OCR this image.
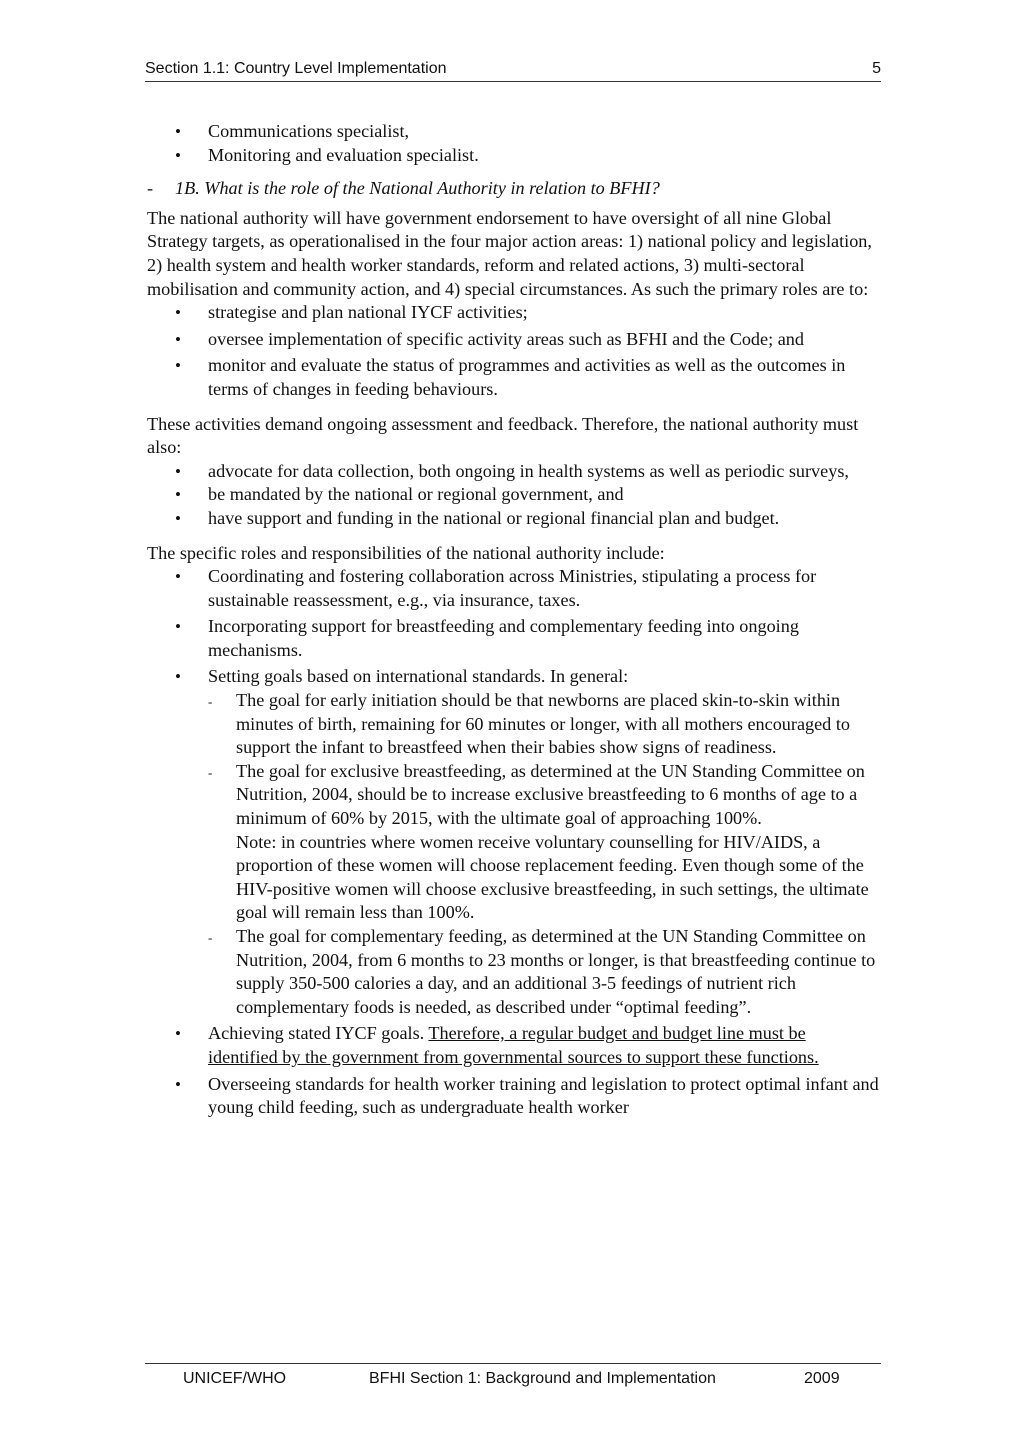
Section 1.1: Country Level Implementation	5
• Communications specialist,
• Monitoring and evaluation specialist.
- 1B. What is the role of the National Authority in relation to BFHI?

The national authority will have government endorsement to have oversight of all nine Global Strategy targets, as operationalised in the four major action areas: 1) national policy and legislation, 2) health system and health worker standards, reform and related actions, 3) multi-sectoral mobilisation and community action, and 4) special circumstances. As such the primary roles are to:

• strategise and plan national IYCF activities;
• oversee implementation of specific activity areas such as BFHI and the Code; and
• monitor and evaluate the status of programmes and activities as well as the outcomes in terms of changes in feeding behaviours.

These activities demand ongoing assessment and feedback. Therefore, the national authority must also:

• advocate for data collection, both ongoing in health systems as well as periodic surveys,
• be mandated by the national or regional government, and
• have support and funding in the national or regional financial plan and budget.

The specific roles and responsibilities of the national authority include:

• Coordinating and fostering collaboration across Ministries, stipulating a process for sustainable reassessment, e.g., via insurance, taxes.
• Incorporating support for breastfeeding and complementary feeding into ongoing mechanisms.
• Setting goals based on international standards. In general:
- The goal for early initiation should be that newborns are placed skin-to-skin within minutes of birth, remaining for 60 minutes or longer, with all mothers encouraged to support the infant to breastfeed when their babies show signs of readiness.
- The goal for exclusive breastfeeding, as determined at the UN Standing Committee on Nutrition, 2004, should be to increase exclusive breastfeeding to 6 months of age to a minimum of 60% by 2015, with the ultimate goal of approaching 100%.
Note: in countries where women receive voluntary counselling for HIV/AIDS, a proportion of these women will choose replacement feeding. Even though some of the HIV-positive women will choose exclusive breastfeeding, in such settings, the ultimate goal will remain less than 100%.
- The goal for complementary feeding, as determined at the UN Standing Committee on Nutrition, 2004, from 6 months to 23 months or longer, is that breastfeeding continue to supply 350-500 calories a day, and an additional 3-5 feedings of nutrient rich complementary foods is needed, as described under “optimal feeding”.
• Achieving stated IYCF goals. Therefore, a regular budget and budget line must be identified by the government from governmental sources to support these functions.
• Overseeing standards for health worker training and legislation to protect optimal infant and young child feeding, such as undergraduate health worker
UNICEF/WHO	BFHI Section 1: Background and Implementation	2009
